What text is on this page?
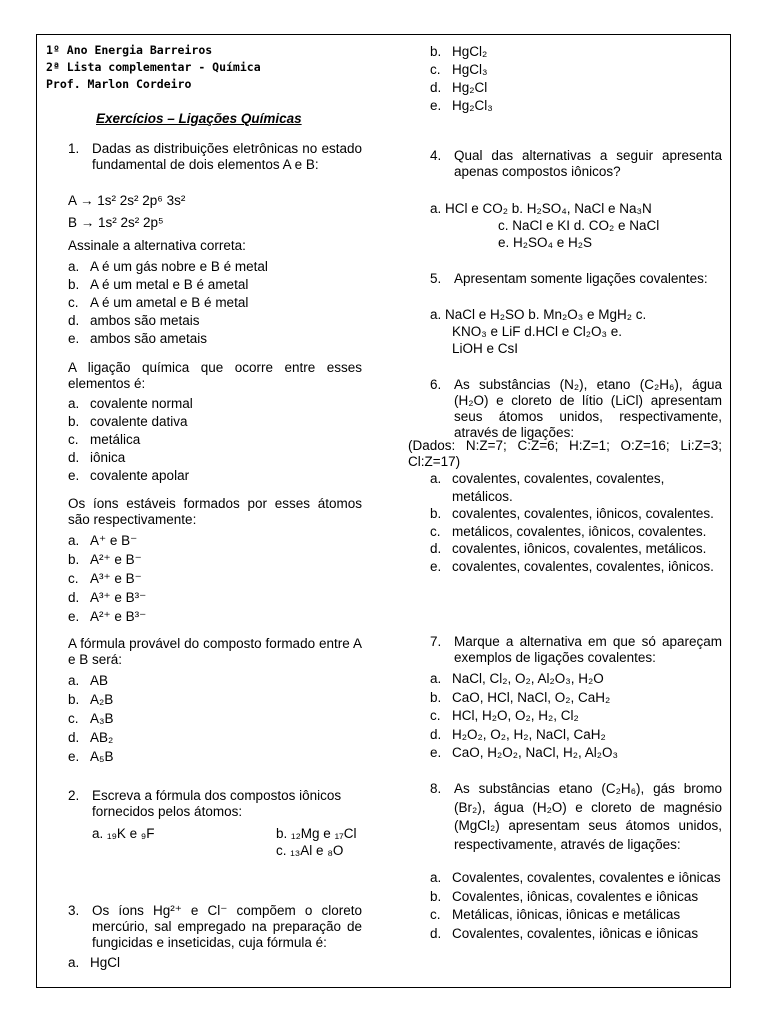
1º Ano Energia Barreiros
2ª Lista complementar - Química
Prof. Marlon Cordeiro
Exercícios – Ligações Químicas
1. Dadas as distribuições eletrônicas no estado fundamental de dois elementos A e B:
A → 1s² 2s² 2p⁶ 3s²
B → 1s² 2s² 2p⁵
Assinale a alternativa correta:
a. A é um gás nobre e B é metal
b. A é um metal e B é ametal
c. A é um ametal e B é metal
d. ambos são metais
e. ambos são ametais
A ligação química que ocorre entre esses elementos é:
a. covalente normal
b. covalente dativa
c. metálica
d. iônica
e. covalente apolar
Os íons estáveis formados por esses átomos são respectivamente:
a. A⁺ e B⁻
b. A²⁺ e B⁻
c. A³⁺ e B⁻
d. A³⁺ e B³⁻
e. A²⁺ e B³⁻
A fórmula provável do composto formado entre A e B será:
a. AB
b. A₂B
c. A₃B
d. AB₂
e. A₅B
2. Escreva a fórmula dos compostos iônicos fornecidos pelos átomos:
a. ₁₉K e ₉F	b. ₁₂Mg e ₁₇Cl
c. ₁₃Al e ₈O
3. Os íons Hg²⁺ e Cl⁻ compõem o cloreto mercúrio, sal empregado na preparação de fungicidas e inseticidas, cuja fórmula é:
a. HgCl
b. HgCl₂
c. HgCl₃
d. Hg₂Cl
e. Hg₂Cl₃
4. Qual das alternativas a seguir apresenta apenas compostos iônicos?
a. HCl e CO₂ b. H₂SO₄, NaCl e Na₃N
c. NaCl e KI d. CO₂ e NaCl
e. H₂SO₄ e H₂S
5. Apresentam somente ligações covalentes:
a. NaCl e H₂SO b. Mn₂O₃ e MgH₂ c.
KNO₃ e LiF d.HCl e Cl₂O₃ e.
LiOH e CsI
6. As substâncias (N₂), etano (C₂H₆), água (H₂O) e cloreto de lítio (LiCl) apresentam seus átomos unidos, respectivamente, através de ligações:
(Dados: N:Z=7; C:Z=6; H:Z=1; O:Z=16; Li:Z=3; Cl:Z=17)
a. covalentes, covalentes, covalentes, metálicos.
b. covalentes, covalentes, iônicos, covalentes.
c. metálicos, covalentes, iônicos, covalentes.
d. covalentes, iônicos, covalentes, metálicos.
e. covalentes, covalentes, covalentes, iônicos.
7. Marque a alternativa em que só apareçam exemplos de ligações covalentes:
a. NaCl, Cl₂, O₂, Al₂O₃, H₂O
b. CaO, HCl, NaCl, O₂, CaH₂
c. HCl, H₂O, O₂, H₂, Cl₂
d. H₂O₂, O₂, H₂, NaCl, CaH₂
e. CaO, H₂O₂, NaCl, H₂, Al₂O₃
8. As substâncias etano (C₂H₆), gás bromo (Br₂), água (H₂O) e cloreto de magnésio (MgCl₂) apresentam seus átomos unidos, respectivamente, através de ligações:
a. Covalentes, covalentes, covalentes e iônicas
b. Covalentes, iônicas, covalentes e iônicas
c. Metálicas, iônicas, iônicas e metálicas
d. Covalentes, covalentes, iônicas e iônicas
